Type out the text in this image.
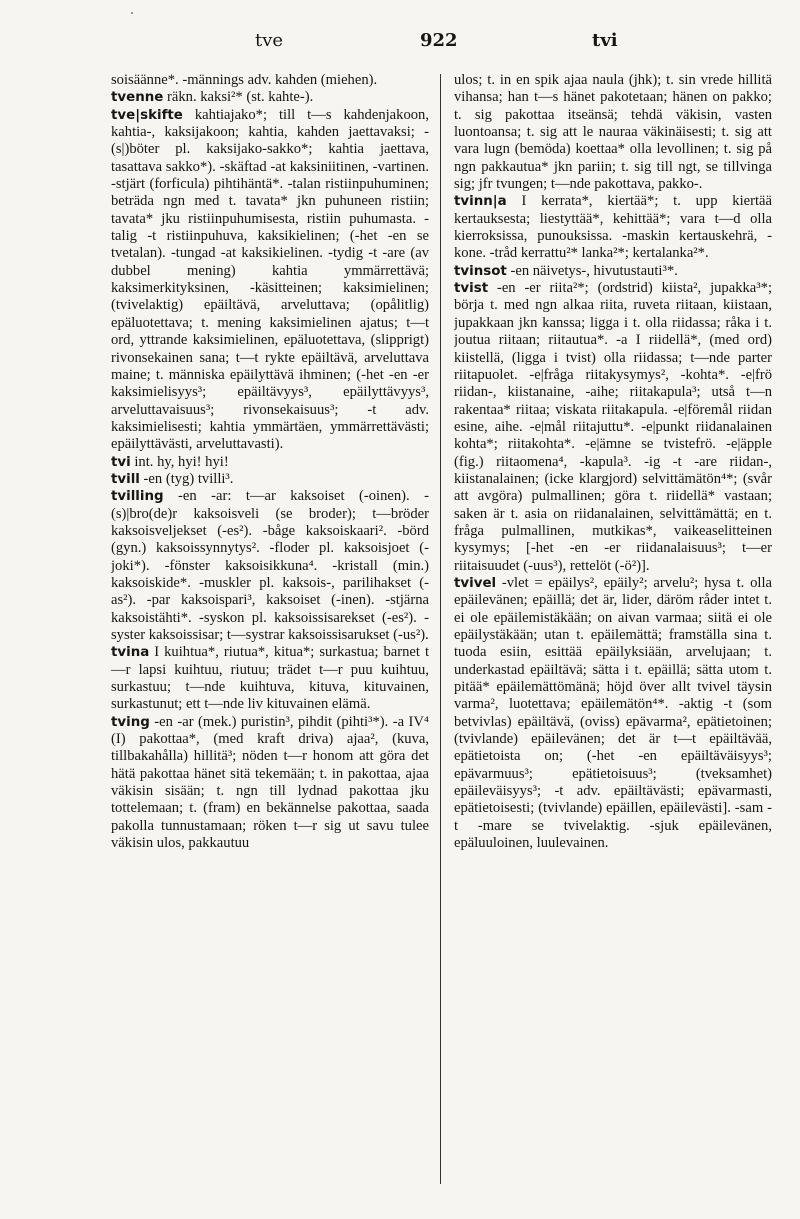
tve	922	tvi

soisäänne*. -männings adv. kahden (miehen).

tvenne räkn. kaksi²* (st. kahte-).

tve|skifte kahtiajako*; till t—s kahdenjakoon, kahtia-, kaksijakoon; kahtia, kahden jaettavaksi; -(s|)böter pl. kaksijako-sakko*; kahtia jaettava, tasattava sakko*). -skäftad -at kaksiniitinen, -vartinen. -stjärt (forficula) pihtihäntä*. -talan ristiinpuhuminen; beträda ngn med t. tavata* jkn puhuneen ristiin; tavata* jku ristiinpuhumisesta, ristiin puhumasta. -talig -t ristiinpuhuva, kaksikielinen; (-het -en se tvetalan). -tungad -at kaksikielinen. -tydig -t -are (av dubbel mening) kahtia ymmärrettävä; kaksimerkityksinen, -käsitteinen; kaksimielinen; (tvivelaktig) epäiltävä, arveluttava; (opålitlig) epäluotettava; t. mening kaksimielinen ajatus; t—t ord, yttrande kaksimielinen, epäluotettava, (slipprigt) rivonsekainen sana; t—t rykte epäiltävä, arveluttava maine; t. människa epäilyttävä ihminen; (-het -en -er kaksimielisyys³; epäiltävyys³, epäilyttävyys³, arveluttavaisuus³; rivonsekaisuus³; -t adv. kaksimielisesti; kahtia ymmärtäen, ymmärrettävästi; epäilyttävästi, arveluttavasti).

tvi int. hy, hyi! hyi!

tvill -en (tyg) tvilli³.

tvilling -en -ar: t—ar kaksoiset (-oinen). -(s)|bro(de)r kaksoisveli (se broder); t—bröder kaksoisveljekset (-es²). -båge kaksoiskaari². -börd (gyn.) kaksoissynnytys². -floder pl. kaksoisjoet (-joki*). -fönster kaksoisikkuna⁴. -kristall (min.) kaksoiskide*. -muskler pl. kaksois-, parilihakset (-as²). -par kaksoispari³, kaksoiset (-inen). -stjärna kaksoistähti*. -syskon pl. kaksoissisarekset (-es²). -syster kaksoissisar; t—systrar kaksoissisarukset (-us²).

tvina I kuihtua*, riutua*, kitua*; surkastua; barnet t—r lapsi kuihtuu, riutuu; trädet t—r puu kuihtuu, surkastuu; t—nde kuihtuva, kituva, kituvainen, surkastunut; ett t—nde liv kituvainen elämä.

tving -en -ar (mek.) puristin³, pihdit (pihti³*). -a IV⁴ (I) pakottaa*, (med kraft driva) ajaa², (kuva, tillbakahålla) hillitä³; nöden t—r honom att göra det hätä pakottaa hänet sitä tekemään; t. in pakottaa, ajaa väkisin sisään; t. ngn till lydnad pakottaa jku tottelemaan; t. (fram) en bekännelse pakottaa, saada pakolla tunnustamaan; röken t—r sig ut savu tulee väkisin ulos, pakkautuu

ulos; t. in en spik ajaa naula (jhk); t. sin vrede hillitä vihansa; han t—s hänet pakotetaan; hänen on pakko; t. sig pakottaa itseänsä; tehdä väkisin, vasten luontoansa; t. sig att le nauraa väkinäisesti; t. sig att vara lugn (bemöda) koettaa* olla levollinen; t. sig på ngn pakkautua* jkn pariin; t. sig till ngt, se tillvinga sig; jfr tvungen; t—nde pakottava, pakko-.

tvinn|a I kerrata*, kiertää*; t. upp kiertää kertauksesta; liestyttää*, kehittää*; vara t—d olla kierroksissa, punouksissa. -maskin kertauskehrä, -kone. -tråd kerrattu²* lanka²*; kertalanka²*.

tvinsot -en näivetys-, hivutustauti³*.

tvist -en -er riita²*; (ordstrid) kiista², jupakka³*; börja t. med ngn alkaa riita, ruveta riitaan, kiistaan, jupakkaan jkn kanssa; ligga i t. olla riidassa; råka i t. joutua riitaan; riitautua*. -a I riidellä*, (med ord) kiistellä, (ligga i tvist) olla riidassa; t—nde parter riitapuolet. -e|fråga riitakysymys², -kohta*. -e|frö riidan-, kiistanaine, -aihe; riitakapula³; utså t—n rakentaa* riitaa; viskata riitakapula. -e|föremål riidan esine, aihe. -e|mål riitajuttu*. -e|punkt riidanalainen kohta*; riitakohta*. -e|ämne se tvistefrö. -e|äpple (fig.) riitaomena⁴, -kapula³. -ig -t -are riidan-, kiistanalainen; (icke klargjord) selvittämätön⁴*; (svår att avgöra) pulmallinen; göra t. riidellä* vastaan; saken är t. asia on riidanalainen, selvittämättä; en t. fråga pulmallinen, mutkikas*, vaikeaselitteinen kysymys; [-het -en -er riidanalaisuus³; t—er riitaisuudet (-uus³), rettelöt (-ö²)].

tvivel -vlet = epäilys², epäily²; arvelu²; hysa t. olla epäilevänen; epäillä; det är, lider, däröm råder intet t. ei ole epäilemistäkään; on aivan varmaa; siitä ei ole epäilystäkään; utan t. epäilemättä; framställa sina t. tuoda esiin, esittää epäilyksiään, arvelujaan; t. underkastad epäiltävä; sätta i t. epäillä; sätta utom t. pitää* epäilemättömänä; höjd över allt tvivel täysin varma², luotettava; epäilemätön⁴*. -aktig -t (som betvivlas) epäiltävä, (oviss) epävarma², epätietoinen; (tvivlande) epäilevänen; det är t—t epäiltävää, epätietoista on; (-het -en epäiltäväisyys³; epävarmuus³; epätietoisuus³; (tveksamhet) epäileväisyys³; -t adv. epäiltävästi; epävarmasti, epätietoisesti; (tvivlande) epäillen, epäilevästi]. -sam -t -mare se tvivelaktig. -sjuk epäilevänen, epäluuloinen, luulevainen.
